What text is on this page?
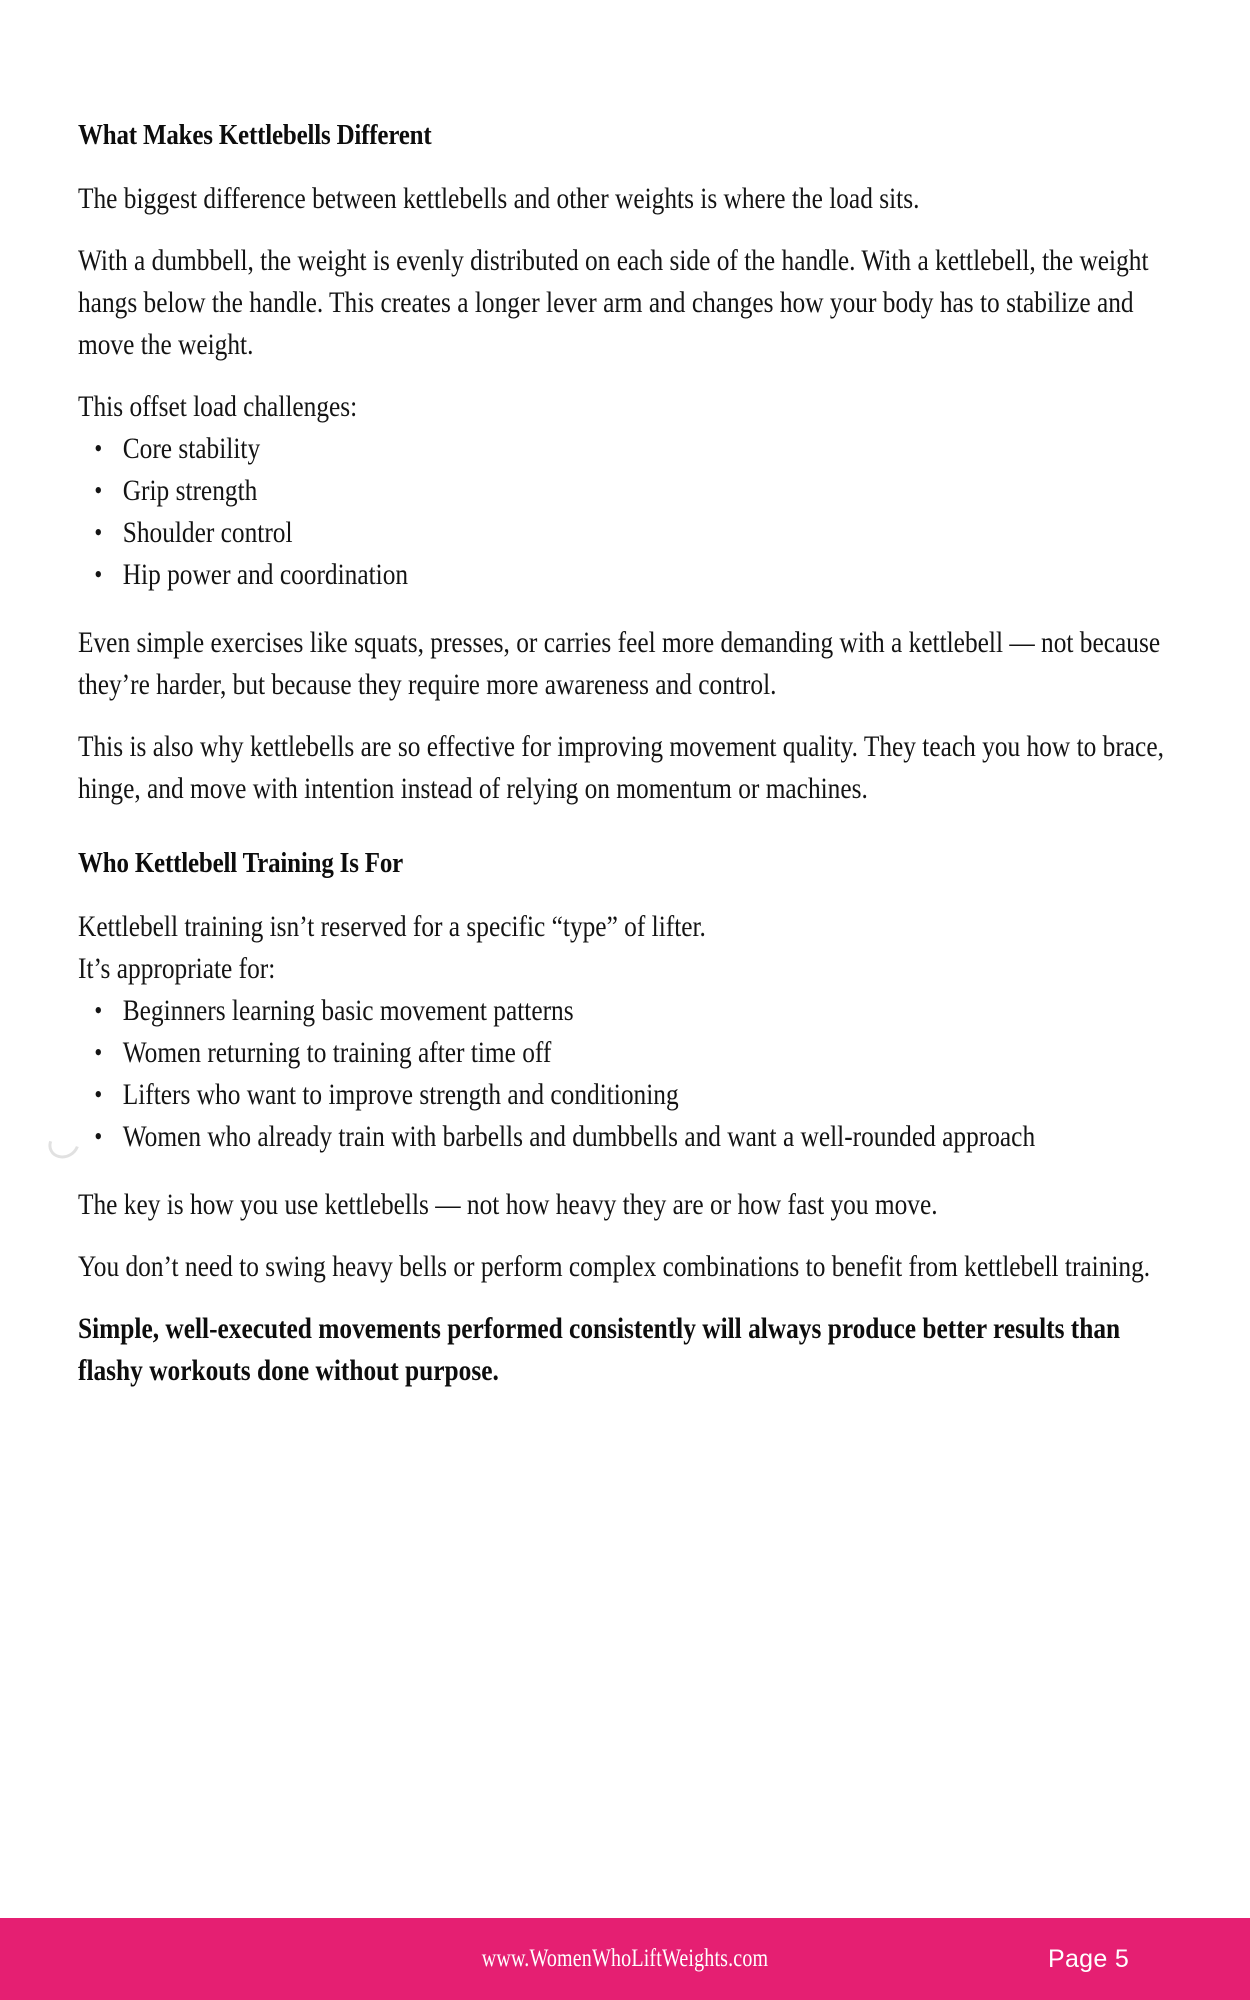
What Makes Kettlebells Different

The biggest difference between kettlebells and other weights is where the load sits.

With a dumbbell, the weight is evenly distributed on each side of the handle. With a kettlebell, the weight hangs below the handle. This creates a longer lever arm and changes how your body has to stabilize and move the weight.

This offset load challenges:

• Core stability
• Grip strength
• Shoulder control
• Hip power and coordination

Even simple exercises like squats, presses, or carries feel more demanding with a kettlebell — not because they’re harder, but because they require more awareness and control.

This is also why kettlebells are so effective for improving movement quality. They teach you how to brace, hinge, and move with intention instead of relying on momentum or machines.

Who Kettlebell Training Is For

Kettlebell training isn’t reserved for a specific “type” of lifter.

It’s appropriate for:

• Beginners learning basic movement patterns
• Women returning to training after time off
• Lifters who want to improve strength and conditioning
• Women who already train with barbells and dumbbells and want a well-rounded approach

The key is how you use kettlebells — not how heavy they are or how fast you move.

You don’t need to swing heavy bells or perform complex combinations to benefit from kettlebell training.

Simple, well-executed movements performed consistently will always produce better results than flashy workouts done without purpose.

www.WomenWhoLiftWeights.com	Page 5
